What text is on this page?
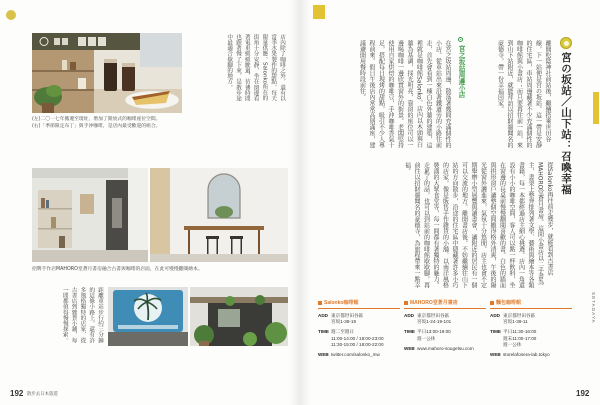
(左)二〇一七年搬遷至現址，增加了開放式的咖啡座位空間。
(右)「季節限定布丁」與手沖咖啡，是店內最受歡迎的組合。
店內除了咖啡之外，還有以當季水果製作的甜點，每天限量供應。Salonko所在的街角十分安靜，坐在窗邊看著電車緩緩駛過，彷彿時間也跟著慢了下來，是散步途中最適合歇腳的地方。
招牌手作店MAHORO堂蒼月書房融合古書與咖啡的店面，在此可慢慢翻閱繪本。
距離車站步行約三分鐘的這條小路上，還有許多風格獨特的店家，從古書店到雜貨小舖，每一間都值得慢慢探索。
192 散步去日本旅遊
宮の坂站／山下站：召喚幸福
離開松陰神社前站後，繼續搭乘世田谷線，下一站便是宮の坂站。這一帶是安靜的住宅區，車站周邊藏著不少充滿個性的咖啡館與小書店；而只要再往前一站，來到山下站附近，就能拜訪以招財貓聞名的豪德寺，帶一份幸福回家。
宮之坂站周邊小店
在宮之坂站周邊，散落著幾間充滿個性的小店。從車站出來沿著鐵道旁的小路往前走，首先會看到一棟白色外牆的建築，這裡就是咖啡館Salonko。店內以木頭與白牆為基調，採光明亮，靠窗的座位可以一邊喝咖啡一邊欣賞窗外的街景。老闆堅持使用自家烘焙的咖啡豆，手沖咖啡香氣十足，搭配每日現烤的甜點，吸引不少人專程前來。假日午後店內常常高朋滿座，建議避開用餐時段前往。
從Salonko再往前走幾步，就能看到古書店MAHORO堂蒼月書房。這間小書店以二手書為主，書架上整齊排列著文學、藝術與繪本等各類書籍，每一本都經過店主細心挑選。店內一角還設有小小的咖啡空間，客人可以點一杯飲料，坐在窗邊的長桌前慢慢翻閱喜歡的書。白色的牆面與拱形窗戶讓整個空間顯得格外清爽，午後的陽光從窗外灑進來，氣氛十分悠閒。店主也會不定期舉辦小型展覽與讀書會，讓附近的居民有一個可以交流的地方。離開書店後，不妨繼續往山下站的方向散步，沿途的住宅區中隱藏著許多小巧的店家，像是販售手作雜貨的小舖、以南洋風格裝潢的大眾食堂等，每一間都有著獨特的魅力。走累了的話，也可以到站前的咖啡館歇歇腳，再前往以招財貓聞名的豪德寺，為旅程帶來一點幸福。
Salonko咖啡館
ADD 東京都世田谷區
宮坂1-38-19
TIME 週二至週日
11:00-14:00 / 18:00-23:00
11:30-15:00 / 18:00-22:00
WEB twitter.com/salonko_mw
MAHORO堂蒼月書房
ADD 東京都世田谷區
宮坂1-24-19-101
TIME 平日13:00-19:00
週一公休
WEB www.mahoro-sougetsu.com
麵包咖啡館
ADD 東京都世田谷區
宮坂1-39-11
TIME 平日11:30-16:00
週末11:00-17:00
週一公休
WEB storelafonera-lab.tokyo
SETAGAYA
192
